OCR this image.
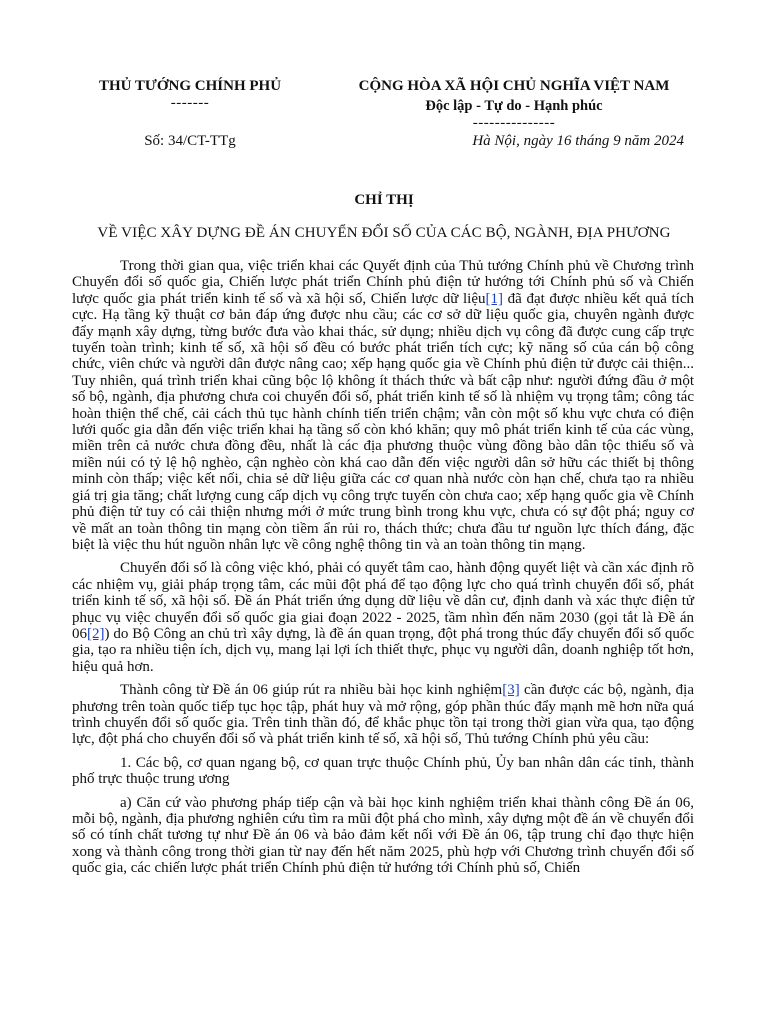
THỦ TƯỚNG CHÍNH PHỦ
-------
CỘNG HÒA XÃ HỘI CHỦ NGHĨA VIỆT NAM
Độc lập - Tự do - Hạnh phúc
---------------
Số: 34/CT-TTg	Hà Nội, ngày 16 tháng 9 năm 2024
CHỈ THỊ
VỀ VIỆC XÂY DỰNG ĐỀ ÁN CHUYỂN ĐỔI SỐ CỦA CÁC BỘ, NGÀNH, ĐỊA PHƯƠNG

Trong thời gian qua, việc triển khai các Quyết định của Thủ tướng Chính phủ về Chương trình Chuyển đổi số quốc gia, Chiến lược phát triển Chính phủ điện tử hướng tới Chính phủ số và Chiến lược quốc gia phát triển kinh tế số và xã hội số, Chiến lược dữ liệu[1] đã đạt được nhiều kết quả tích cực. Hạ tầng kỹ thuật cơ bản đáp ứng được nhu cầu; các cơ sở dữ liệu quốc gia, chuyên ngành được đẩy mạnh xây dựng, từng bước đưa vào khai thác, sử dụng; nhiều dịch vụ công đã được cung cấp trực tuyến toàn trình; kinh tế số, xã hội số đều có bước phát triển tích cực; kỹ năng số của cán bộ công chức, viên chức và người dân được nâng cao; xếp hạng quốc gia về Chính phủ điện tử được cải thiện... Tuy nhiên, quá trình triển khai cũng bộc lộ không ít thách thức và bất cập như: người đứng đầu ở một số bộ, ngành, địa phương chưa coi chuyển đổi số, phát triển kinh tế số là nhiệm vụ trọng tâm; công tác hoàn thiện thể chế, cải cách thủ tục hành chính tiến triển chậm; vẫn còn một số khu vực chưa có điện lưới quốc gia dẫn đến việc triển khai hạ tầng số còn khó khăn; quy mô phát triển kinh tế của các vùng, miền trên cả nước chưa đồng đều, nhất là các địa phương thuộc vùng đồng bào dân tộc thiểu số và miền núi có tỷ lệ hộ nghèo, cận nghèo còn khá cao dẫn đến việc người dân sở hữu các thiết bị thông minh còn thấp; việc kết nối, chia sẻ dữ liệu giữa các cơ quan nhà nước còn hạn chế, chưa tạo ra nhiều giá trị gia tăng; chất lượng cung cấp dịch vụ công trực tuyến còn chưa cao; xếp hạng quốc gia về Chính phủ điện tử tuy có cải thiện nhưng mới ở mức trung bình trong khu vực, chưa có sự đột phá; nguy cơ về mất an toàn thông tin mạng còn tiềm ẩn rủi ro, thách thức; chưa đầu tư nguồn lực thích đáng, đặc biệt là việc thu hút nguồn nhân lực về công nghệ thông tin và an toàn thông tin mạng.

Chuyển đổi số là công việc khó, phải có quyết tâm cao, hành động quyết liệt và cần xác định rõ các nhiệm vụ, giải pháp trọng tâm, các mũi đột phá để tạo động lực cho quá trình chuyển đổi số, phát triển kinh tế số, xã hội số. Đề án Phát triển ứng dụng dữ liệu về dân cư, định danh và xác thực điện tử phục vụ việc chuyển đổi số quốc gia giai đoạn 2022 - 2025, tầm nhìn đến năm 2030 (gọi tắt là Đề án 06[2]) do Bộ Công an chủ trì xây dựng, là đề án quan trọng, đột phá trong thúc đẩy chuyển đổi số quốc gia, tạo ra nhiều tiện ích, dịch vụ, mang lại lợi ích thiết thực, phục vụ người dân, doanh nghiệp tốt hơn, hiệu quả hơn.

Thành công từ Đề án 06 giúp rút ra nhiều bài học kinh nghiệm[3] cần được các bộ, ngành, địa phương trên toàn quốc tiếp tục học tập, phát huy và mở rộng, góp phần thúc đẩy mạnh mẽ hơn nữa quá trình chuyển đổi số quốc gia. Trên tinh thần đó, để khắc phục tồn tại trong thời gian vừa qua, tạo động lực, đột phá cho chuyển đổi số và phát triển kinh tế số, xã hội số, Thủ tướng Chính phủ yêu cầu:

1. Các bộ, cơ quan ngang bộ, cơ quan trực thuộc Chính phủ, Ủy ban nhân dân các tỉnh, thành phố trực thuộc trung ương

a) Căn cứ vào phương pháp tiếp cận và bài học kinh nghiệm triển khai thành công Đề án 06, mỗi bộ, ngành, địa phương nghiên cứu tìm ra mũi đột phá cho mình, xây dựng một đề án về chuyển đổi số có tính chất tương tự như Đề án 06 và bảo đảm kết nối với Đề án 06, tập trung chỉ đạo thực hiện xong và thành công trong thời gian từ nay đến hết năm 2025, phù hợp với Chương trình chuyển đổi số quốc gia, các chiến lược phát triển Chính phủ điện tử hướng tới Chính phủ số, Chiến
